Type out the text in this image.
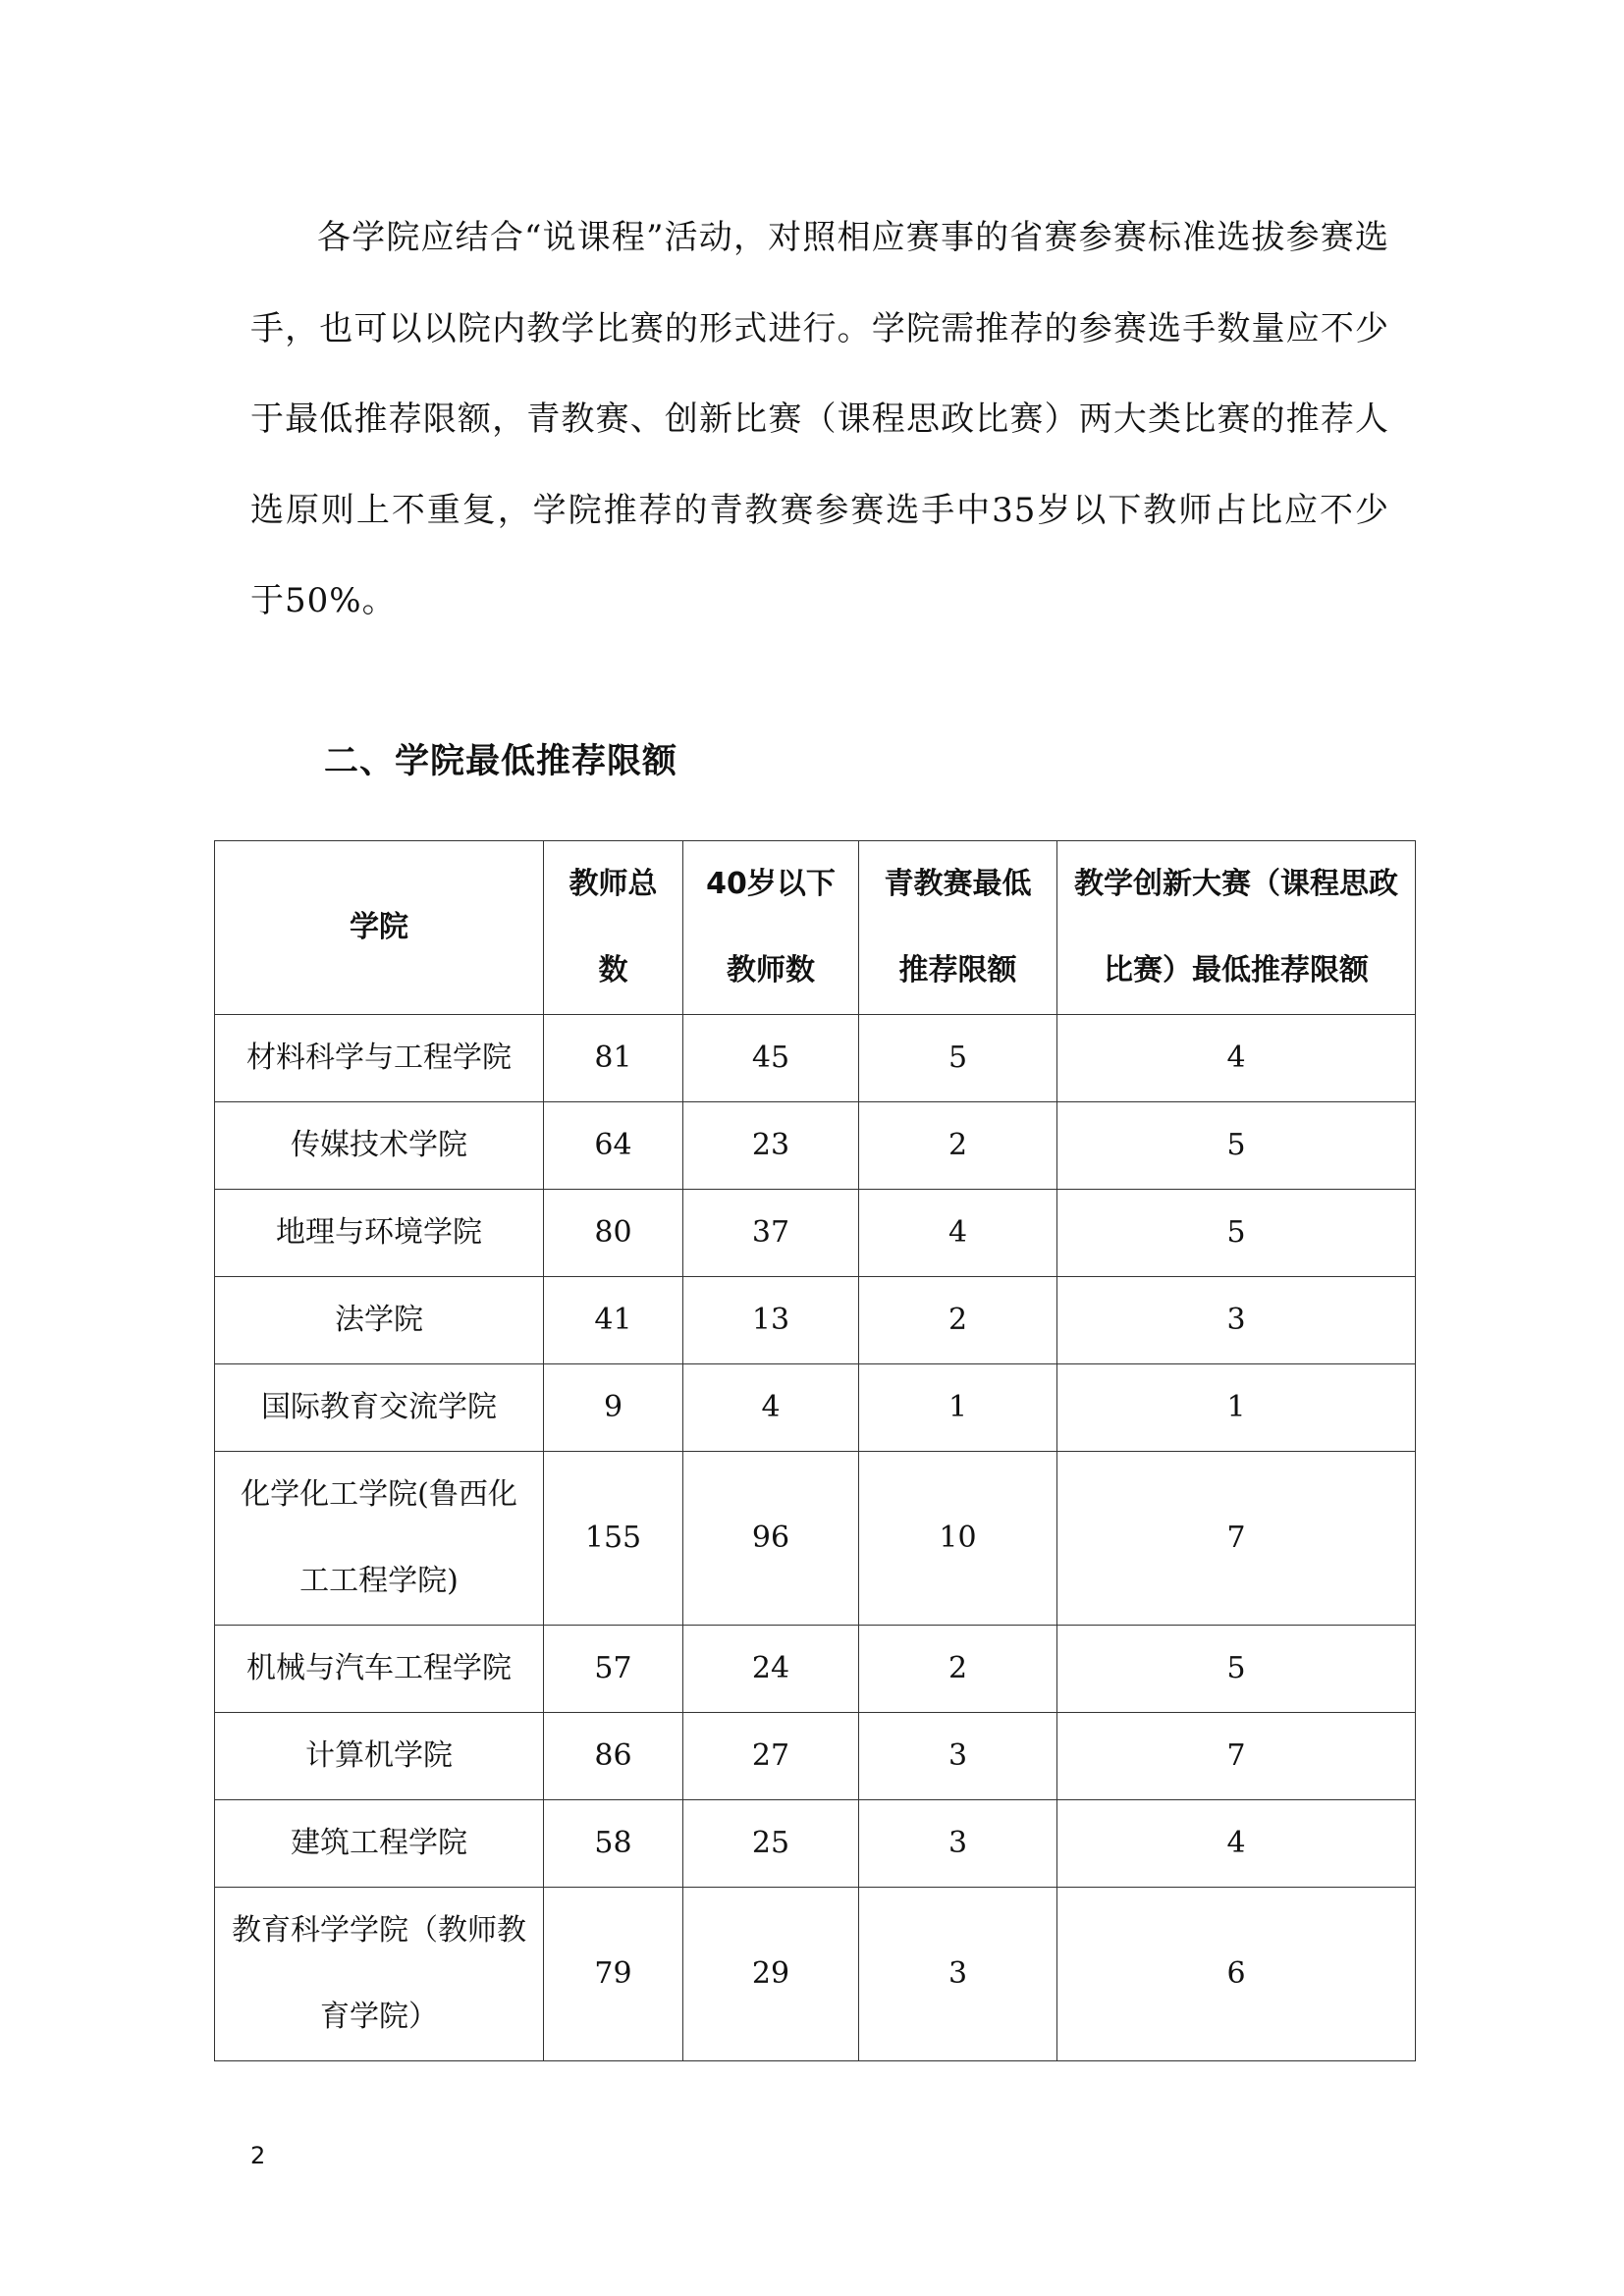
各学院应结合“说课程”活动，对照相应赛事的省赛参赛标准选拔参赛选手，也可以以院内教学比赛的形式进行。学院需推荐的参赛选手数量应不少于最低推荐限额，青教赛、创新比赛（课程思政比赛）两大类比赛的推荐人选原则上不重复，学院推荐的青教赛参赛选手中35岁以下教师占比应不少于50%。

二、学院最低推荐限额
学院	教师总数	40岁以下教师数	青教赛最低推荐限额	教学创新大赛（课程思政比赛）最低推荐限额
材料科学与工程学院	81	45	5	4
传媒技术学院	64	23	2	5
地理与环境学院	80	37	4	5
法学院	41	13	2	3
国际教育交流学院	9	4	1	1
化学化工学院(鲁西化工工程学院)	155	96	10	7
机械与汽车工程学院	57	24	2	5
计算机学院	86	27	3	7
建筑工程学院	58	25	3	4
教育科学学院（教师教育学院）	79	29	3	6

2
